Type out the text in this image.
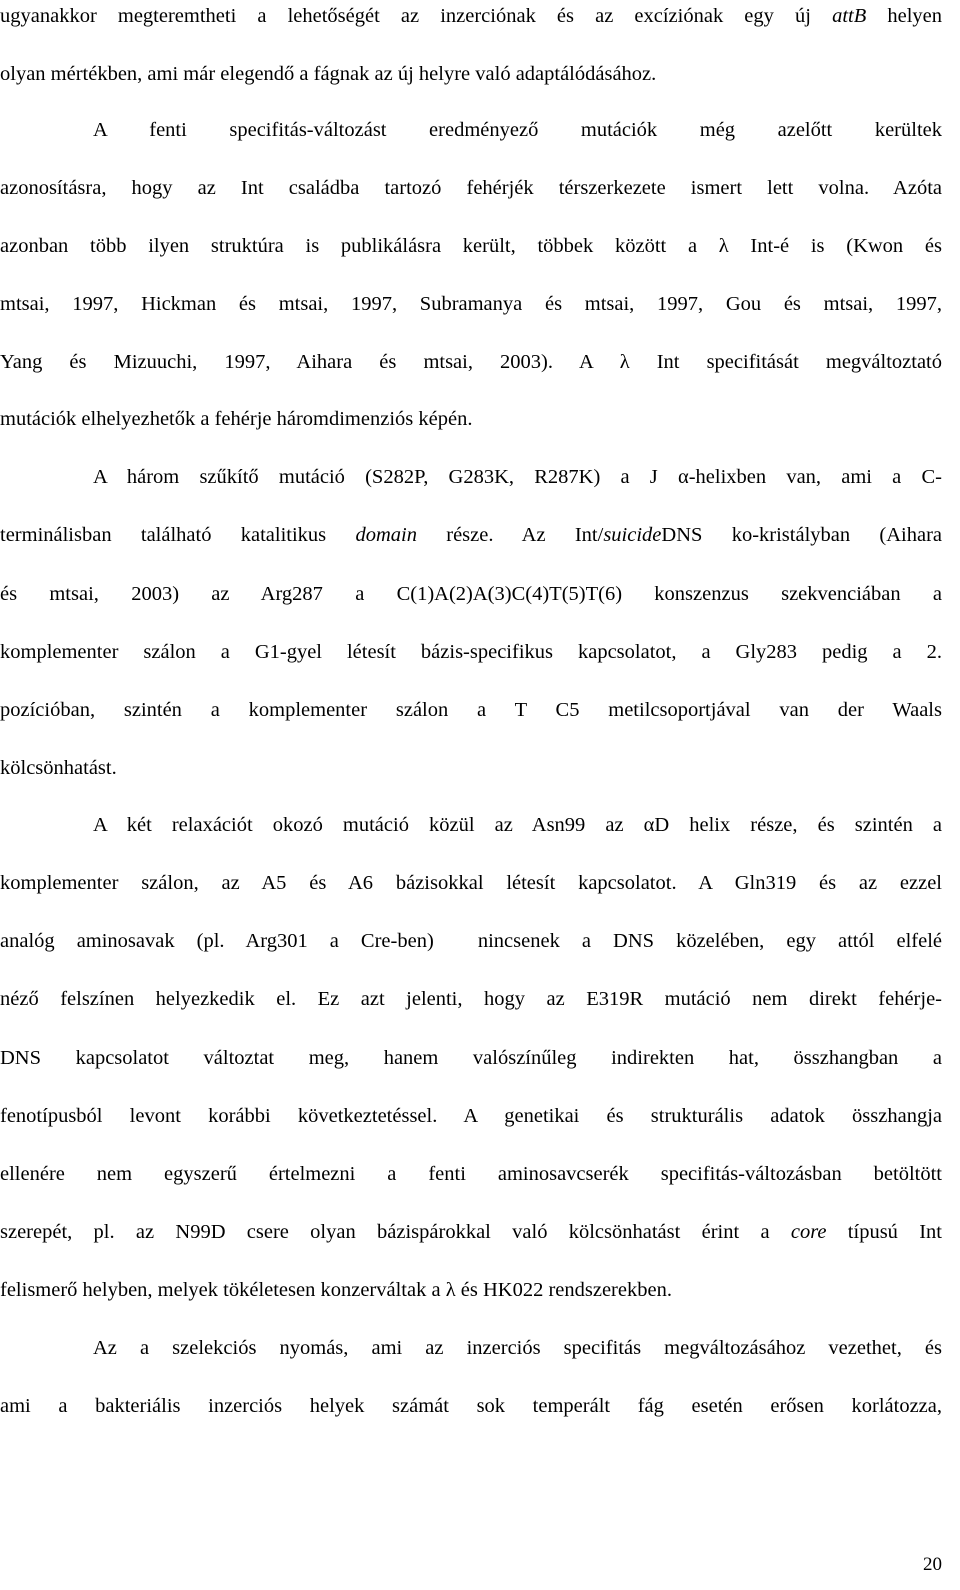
ugyanakkor megteremtheti a lehetőségét az inzerciónak és az excíziónak egy új attB helyen
olyan mértékben, ami már elegendő a fágnak az új helyre való adaptálódásához.
A fenti specifitás-változást eredményező mutációk még azelőtt kerültek
azonosításra, hogy az Int családba tartozó fehérjék térszerkezete ismert lett volna. Azóta
azonban több ilyen struktúra is publikálásra került, többek között a λ Int-é is (Kwon és
mtsai, 1997, Hickman és mtsai, 1997, Subramanya és mtsai, 1997, Gou és mtsai, 1997,
Yang és Mizuuchi, 1997, Aihara és mtsai, 2003). A λ Int specifitását megváltoztató
mutációk elhelyezhetők a fehérje háromdimenziós képén.
A három szűkítő mutáció (S282P, G283K, R287K) a J α-helixben van, ami a C-
terminálisban található katalitikus domain része. Az Int/suicideDNS ko-kristályban (Aihara
és mtsai, 2003) az Arg287 a C(1)A(2)A(3)C(4)T(5)T(6) konszenzus szekvenciában a
komplementer szálon a G1-gyel létesít bázis-specifikus kapcsolatot, a Gly283 pedig a 2.
pozícióban, szintén a komplementer szálon a T C5 metilcsoportjával van der Waals
kölcsönhatást.
A két relaxációt okozó mutáció közül az Asn99 az αD helix része, és szintén a
komplementer szálon, az A5 és A6 bázisokkal létesít kapcsolatot. A Gln319 és az ezzel
analóg aminosavak (pl. Arg301 a Cre-ben)  nincsenek a DNS közelében, egy attól elfelé
néző felszínen helyezkedik el. Ez azt jelenti, hogy az E319R mutáció nem direkt fehérje-
DNS kapcsolatot változtat meg, hanem valószínűleg indirekten hat, összhangban a
fenotípusból levont korábbi következtetéssel. A genetikai és strukturális adatok összhangja
ellenére nem egyszerű értelmezni a fenti aminosavcserék specifitás-változásban betöltött
szerepét, pl. az N99D csere olyan bázispárokkal való kölcsönhatást érint a core típusú Int
felismerő helyben, melyek tökéletesen konzerváltak a λ és HK022 rendszerekben.
Az a szelekciós nyomás, ami az inzerciós specifitás megváltozásához vezethet, és
ami a bakteriális inzerciós helyek számát sok temperált fág esetén erősen korlátozza,
20
